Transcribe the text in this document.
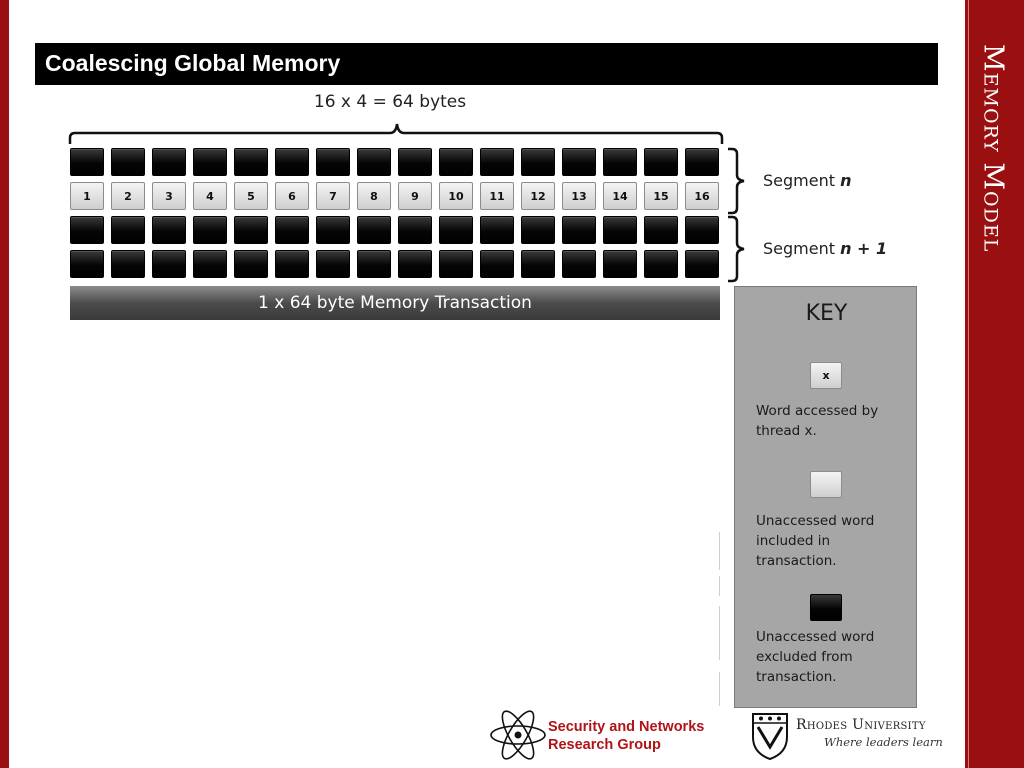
Memory Model
Coalescing Global Memory
16 x 4 = 64 bytes
1	2	3	4	5	6	7	8	9	10	11	12	13	14	15	16
Segment n
Segment n + 1
1 x 64 byte Memory Transaction	KEY
x
Word accessed by thread x.
Unaccessed word included in transaction.
Unaccessed word excluded from transaction.
Security and Networks
Research Group
Rhodes University
Where leaders learn
